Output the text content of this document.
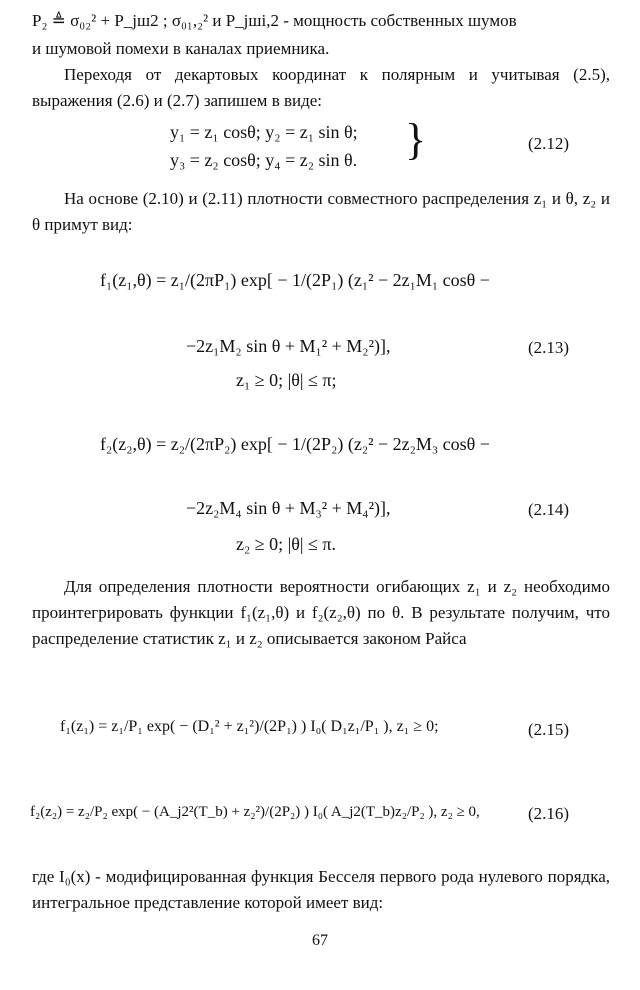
P₂ ≜ σ₀₂² + P_jш2 ; σ₀₁,₂² и P_jшi,2 - мощность собственных шумов
и шумовой помехи в каналах приемника.
Переходя от декартовых координат к полярным и учитывая (2.5), выражения (2.6) и (2.7) запишем в виде:
y₁ = z₁ cosθ; y₂ = z₁ sin θ;
y₃ = z₂ cosθ; y₄ = z₂ sin θ. }	(2.12)
На основе (2.10) и (2.11) плотности совместного распределения z₁ и θ, z₂ и θ примут вид:
f₁(z₁,θ) = z₁/(2πP₁) exp[ − 1/(2P₁) (z₁² − 2z₁M₁ cosθ −
−2z₁M₂ sin θ + M₁² + M₂²)],	(2.13)
z₁ ≥ 0; |θ| ≤ π;
f₂(z₂,θ) = z₂/(2πP₂) exp[ − 1/(2P₂) (z₂² − 2z₂M₃ cosθ −
−2z₂M₄ sin θ + M₃² + M₄²)],	(2.14)
z₂ ≥ 0; |θ| ≤ π.
Для определения плотности вероятности огибающих z₁ и z₂ необходимо проинтегрировать функции f₁(z₁,θ) и f₂(z₂,θ) по θ. В результате получим, что распределение статистик z₁ и z₂ описывается законом Райса
f₁(z₁) = z₁/P₁ exp( − (D₁² + z₁²)/(2P₁) ) I₀( D₁z₁/P₁ ), z₁ ≥ 0;	(2.15)
f₂(z₂) = z₂/P₂ exp( − (A_j2²(T_b) + z₂²)/(2P₂) ) I₀( A_j2(T_b)z₂/P₂ ), z₂ ≥ 0,	(2.16)
где I₀(x) - модифицированная функция Бесселя первого рода нулевого порядка, интегральное представление которой имеет вид:
67
